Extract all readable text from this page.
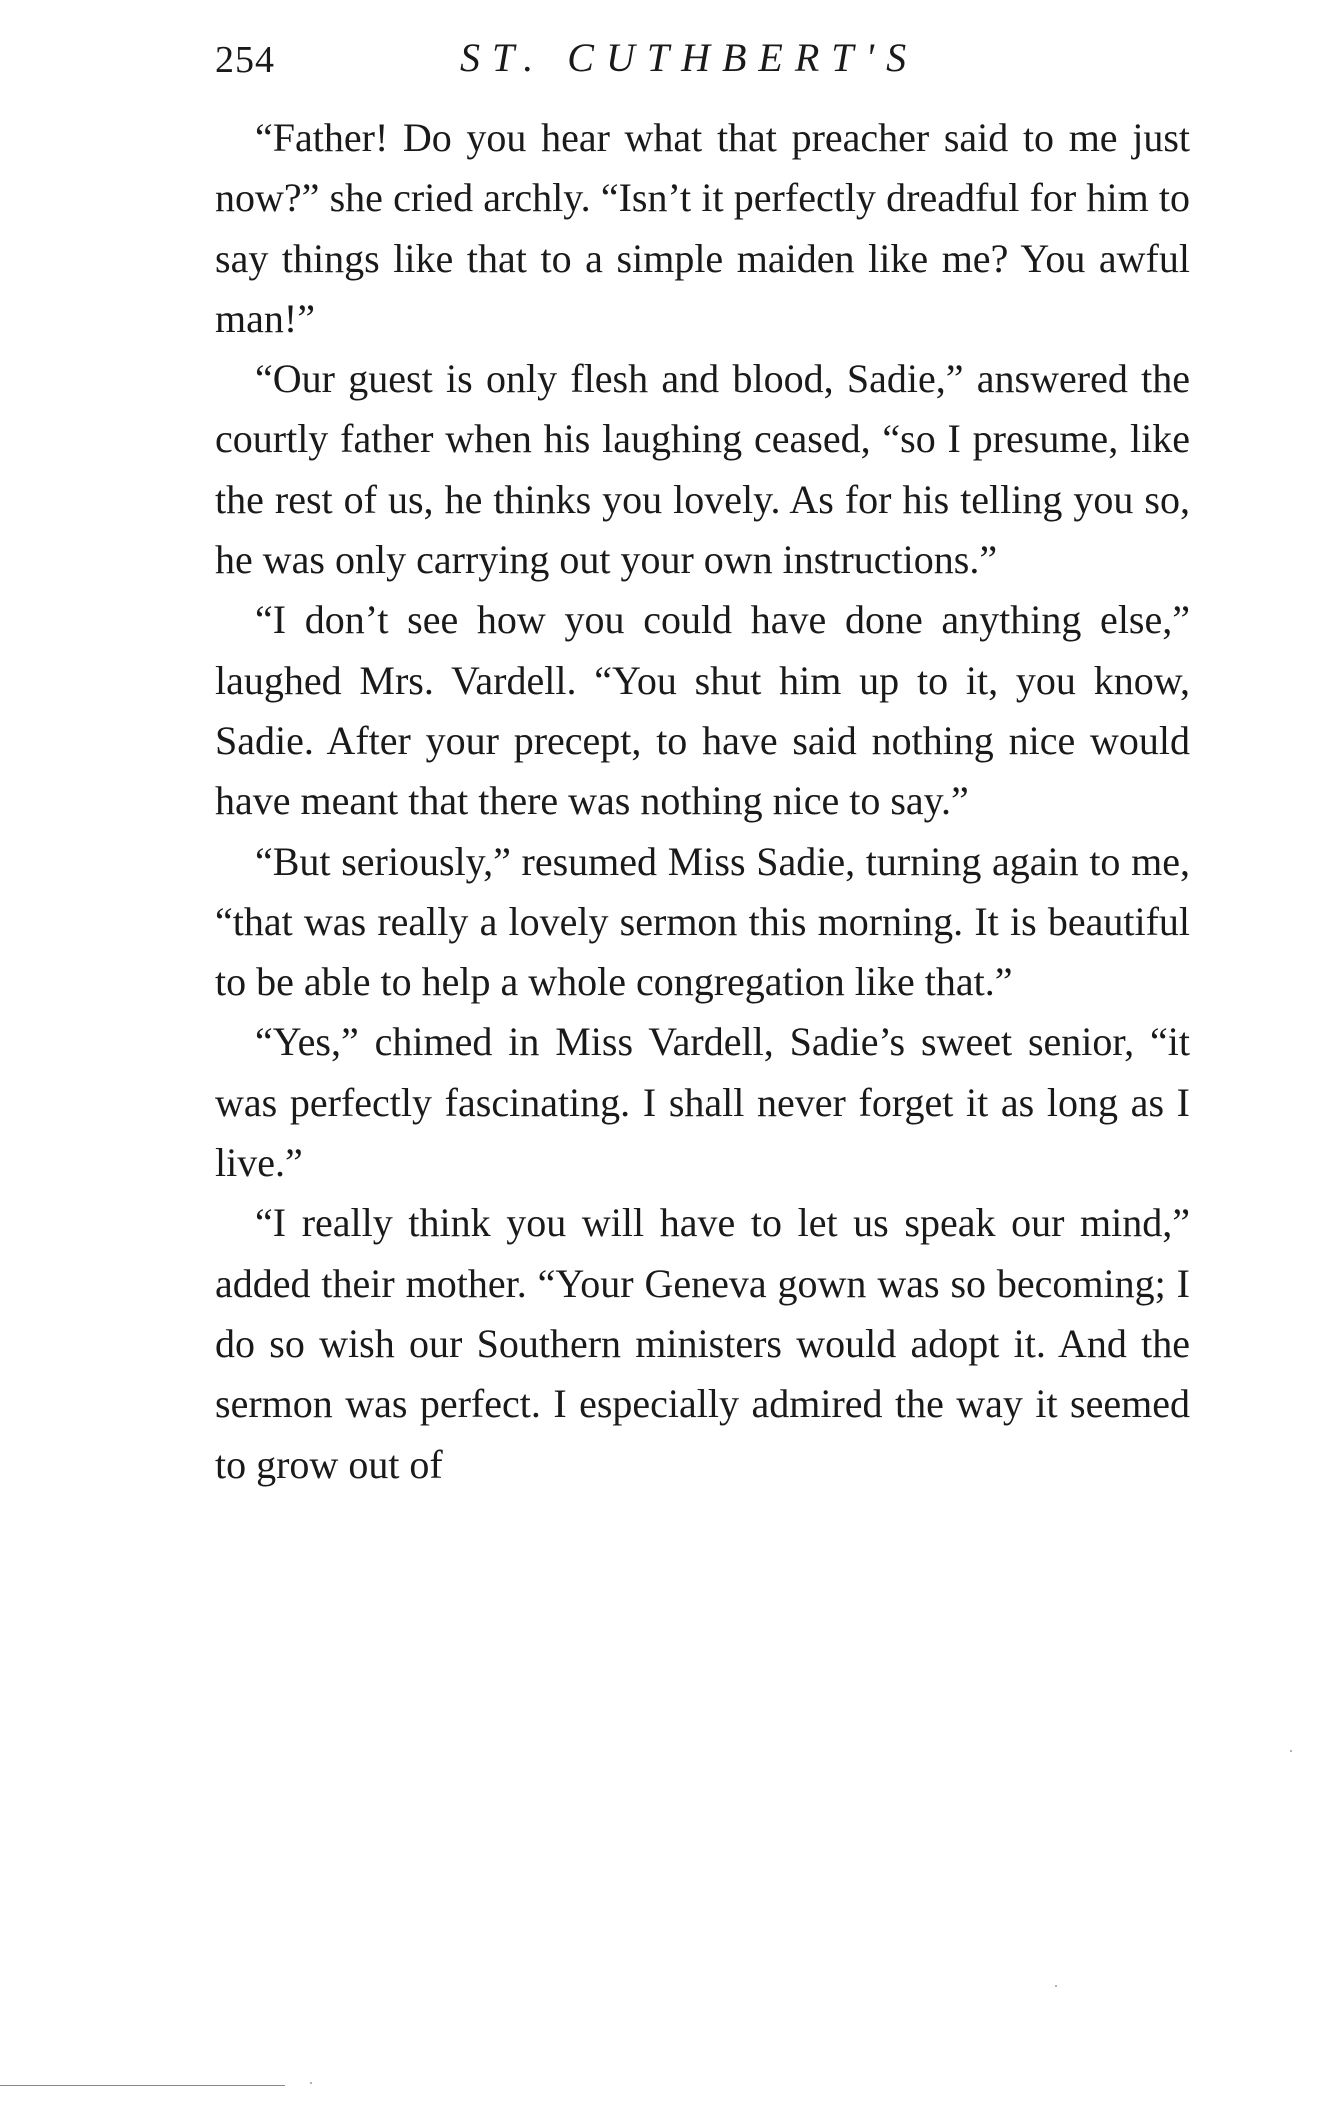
254	ST. CUTHBERT'S

“Father! Do you hear what that preacher said to me just now?” she cried archly. “Isn’t it perfectly dreadful for him to say things like that to a simple maiden like me? You awful man!”

“Our guest is only flesh and blood, Sadie,” answered the courtly father when his laughing ceased, “so I presume, like the rest of us, he thinks you lovely. As for his telling you so, he was only carrying out your own instructions.”

“I don’t see how you could have done anything else,” laughed Mrs. Vardell. “You shut him up to it, you know, Sadie. After your precept, to have said nothing nice would have meant that there was nothing nice to say.”

“But seriously,” resumed Miss Sadie, turning again to me, “that was really a lovely sermon this morning. It is beautiful to be able to help a whole congregation like that.”

“Yes,” chimed in Miss Vardell, Sadie’s sweet senior, “it was perfectly fascinating. I shall never forget it as long as I live.”

“I really think you will have to let us speak our mind,” added their mother. “Your Geneva gown was so becoming; I do so wish our Southern ministers would adopt it. And the sermon was perfect. I especially admired the way it seemed to grow out of
